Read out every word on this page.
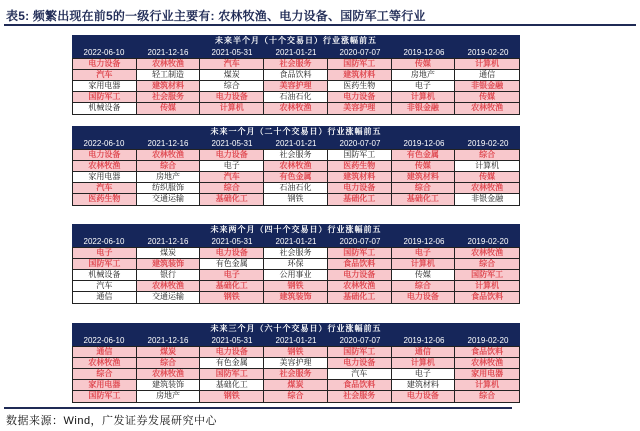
表5: 频繁出现在前5的一级行业主要有: 农林牧渔、电力设备、国防军工等行业
未来半个月（十个交易日）行业涨幅前五
2022-06-10	2021-12-16	2021-05-31	2021-01-21	2020-07-07	2019-12-06	2019-02-20
电力设备	农林牧渔	汽车	社会服务	国防军工	传媒	计算机
汽车	轻工制造	煤炭	食品饮料	建筑材料	房地产	通信
家用电器	建筑材料	综合	美容护理	医药生物	电子	非银金融
国防军工	社会服务	电力设备	石油石化	电力设备	计算机	传媒
机械设备	传媒	计算机	农林牧渔	美容护理	非银金融	农林牧渔
未来一个月（二十个交易日）行业涨幅前五
2022-06-10	2021-12-16	2021-05-31	2021-01-21	2020-07-07	2019-12-06	2019-02-20
电力设备	农林牧渔	电力设备	社会服务	国防军工	有色金属	综合
农林牧渔	综合	电子	农林牧渔	医药生物	传媒	计算机
家用电器	房地产	汽车	有色金属	建筑材料	建筑材料	传媒
汽车	纺织服饰	综合	石油石化	电力设备	综合	农林牧渔
医药生物	交通运输	基础化工	钢铁	基础化工	基础化工	非银金融
未来两个月（四十个交易日）行业涨幅前五
2022-06-10	2021-12-16	2021-05-31	2021-01-21	2020-07-07	2019-12-06	2019-02-20
电子	煤炭	电力设备	社会服务	国防军工	电子	农林牧渔
国防军工	建筑装饰	有色金属	环保	食品饮料	计算机	综合
机械设备	银行	电子	公用事业	电力设备	传媒	国防军工
汽车	农林牧渔	基础化工	钢铁	农林牧渔	综合	计算机
通信	交通运输	钢铁	建筑装饰	基础化工	电力设备	食品饮料
未来三个月（六十个交易日）行业涨幅前五
2022-06-10	2021-12-16	2021-05-31	2021-01-21	2020-07-07	2019-12-06	2019-02-20
通信	煤炭	电力设备	钢铁	国防军工	通信	食品饮料
农林牧渔	综合	有色金属	美容护理	电力设备	计算机	农林牧渔
综合	农林牧渔	国防军工	社会服务	汽车	电子	家用电器
家用电器	建筑装饰	基础化工	煤炭	食品饮料	建筑材料	计算机
国防军工	房地产	钢铁	综合	社会服务	电力设备	综合
数据来源：Wind，广发证券发展研究中心
